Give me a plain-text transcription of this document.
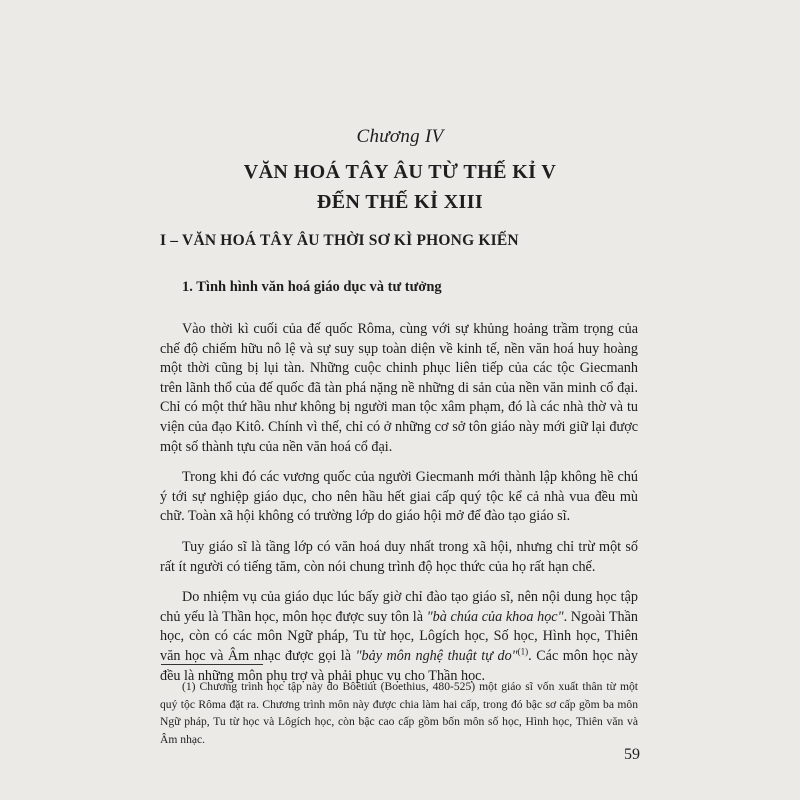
Chương IV
VĂN HOÁ TÂY ÂU TỪ THẾ KỈ V
ĐẾN THẾ KỈ XIII
I – VĂN HOÁ TÂY ÂU THỜI SƠ KÌ PHONG KIẾN
1. Tình hình văn hoá giáo dục và tư tưởng

Vào thời kì cuối của đế quốc Rôma, cùng với sự khủng hoảng trầm trọng của chế độ chiếm hữu nô lệ và sự suy sụp toàn diện về kinh tế, nền văn hoá huy hoàng một thời cũng bị lụi tàn. Những cuộc chinh phục liên tiếp của các tộc Giecmanh trên lãnh thổ của đế quốc đã tàn phá nặng nề những di sản của nền văn minh cổ đại. Chỉ có một thứ hầu như không bị người man tộc xâm phạm, đó là các nhà thờ và tu viện của đạo Kitô. Chính vì thế, chỉ có ở những cơ sở tôn giáo này mới giữ lại được một số thành tựu của nền văn hoá cổ đại.

Trong khi đó các vương quốc của người Giecmanh mới thành lập không hề chú ý tới sự nghiệp giáo dục, cho nên hầu hết giai cấp quý tộc kể cả nhà vua đều mù chữ. Toàn xã hội không có trường lớp do giáo hội mở để đào tạo giáo sĩ.

Tuy giáo sĩ là tầng lớp có văn hoá duy nhất trong xã hội, nhưng chỉ trừ một số rất ít người có tiếng tăm, còn nói chung trình độ học thức của họ rất hạn chế.

Do nhiệm vụ của giáo dục lúc bấy giờ chỉ đào tạo giáo sĩ, nên nội dung học tập chủ yếu là Thần học, môn học được suy tôn là "bà chúa của khoa học". Ngoài Thần học, còn có các môn Ngữ pháp, Tu từ học, Lôgích học, Số học, Hình học, Thiên văn học và Âm nhạc được gọi là "bảy môn nghệ thuật tự do"$^{(1)}$. Các môn học này đều là những môn phụ trợ và phải phục vụ cho Thần học.

(1) Chương trình học tập này do Bôêtiút (Boethius, 480-525) một giáo sĩ vốn xuất thân từ một quý tộc Rôma đặt ra. Chương trình môn này được chia làm hai cấp, trong đó bậc sơ cấp gồm ba môn Ngữ pháp, Tu từ học và Lôgích học, còn bậc cao cấp gồm bốn môn số học, Hình học, Thiên văn và Âm nhạc.

59
